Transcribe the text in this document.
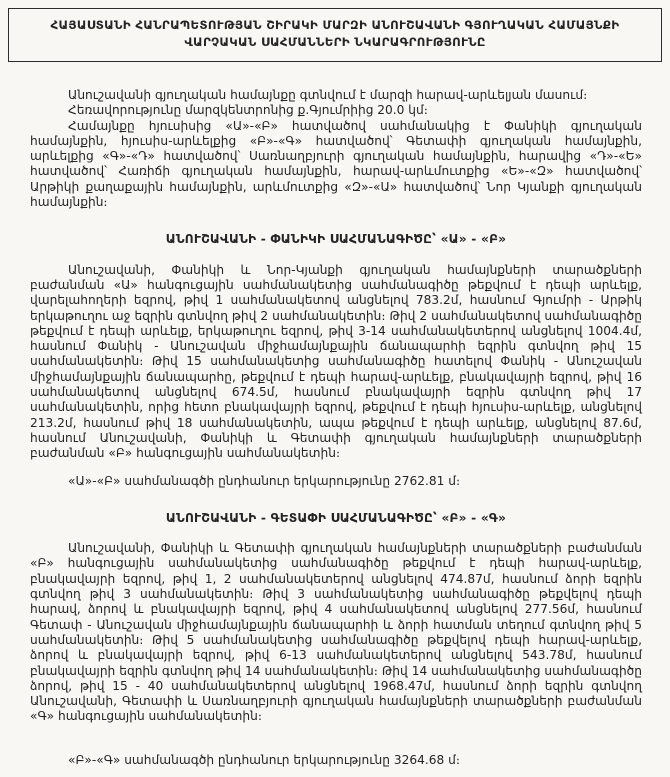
ՀԱՅԱՍՏԱՆԻ ՀԱՆՐԱՊԵՏՈՒԹՅԱՆ ՇԻՐԱԿԻ ՄԱՐԶԻ ԱՆՈՒՇԱՎԱՆԻ ԳՅՈՒՂԱԿԱՆ ՀԱՄԱՅՆՔԻ
ՎԱՐՉԱԿԱՆ ՍԱՀՄԱՆՆԵՐԻ ՆԿԱՐԱԳՐՈՒԹՅՈՒՆԸ

Անուշավանի գյուղական համայնքը գտնվում է մարզի հարավ-արևելյան մասում։

Հեռավորությունը մարզկենտրոնից ք.Գյումրիից 20.0 կմ։

Համայնքը հյուսիսից «Ա»-«Բ» հատվածով սահմանակից է Փանիկի գյուղական համայնքին, հյուսիս-արևելքից «Բ»-«Գ» հատվածով՝ Գետափի գյուղական համայնքին, արևելքից «Գ»-«Դ» հատվածով՝ Սառնաղբյուրի գյուղական համայնքին, հարավից «Դ»-«Ե» հատվածով՝ Հառիճի գյուղական համայնքին, հարավ-արևմուտքից «Ե»-«Զ» հատվածով՝ Արթիկի քաղաքային համայնքին, արևմուտքից «Զ»-«Ա» հատվածով՝ Նոր Կյանքի գյուղական համայնքին։

ԱՆՈՒՇԱՎԱՆԻ - ՓԱՆԻԿԻ ՍԱՀՄԱՆԱԳԻԾԸ՝ «Ա» - «Բ»

Անուշավանի, Փանիկի և Նոր-Կյանքի գյուղական համայնքների տարածքների բաժանման «Ա» հանգուցային սահմանակետից սահմանագիծը թեքվում է դեպի արևելք, վարելահողերի եզրով, թիվ 1 սահմանակետով անցնելով 783.2մ, հասնում Գյումրի - Արթիկ երկաթուղու աջ եզրին գտնվող թիվ 2 սահմանակետին։ Թիվ 2 սահմանակետով սահմանագիծը թեքվում է դեպի արևելք, երկաթուղու եզրով, թիվ 3-14 սահմանակետերով անցնելով 1004.4մ, հասնում Փանիկ - Անուշավան միջհամայնքային ճանապարհի եզրին գտնվող թիվ 15 սահմանակետին։ Թիվ 15 սահմանակետից սահմանագիծը հատելով Փանիկ - Անուշավան միջհամայնքային ճանապարհը, թեքվում է դեպի հարավ-արևելք, բնակավայրի եզրով, թիվ 16 սահմանակետով անցնելով 674.5մ, հասնում բնակավայրի եզրին գտնվող թիվ 17 սահմանակետին, որից հետո բնակավայրի եզրով, թեքվում է դեպի հյուսիս-արևելք, անցնելով 213.2մ, հասնում թիվ 18 սահմանակետին, ապա թեքվում է դեպի արևելք, անցնելով 87.6մ, հասնում Անուշավանի, Փանիկի և Գետափի գյուղական համայնքների տարածքների բաժանման «Բ» հանգուցային սահմանակետին։

«Ա»-«Բ» սահմանագծի ընդհանուր երկարությունը 2762.81 մ։

ԱՆՈՒՇԱՎԱՆԻ - ԳԵՏԱՓԻ ՍԱՀՄԱՆԱԳԻԾԸ՝ «Բ» - «Գ»

Անուշավանի, Փանիկի և Գետափի գյուղական համայնքների տարածքների բաժանման «Բ» հանգուցային սահմանակետից սահմանագիծը թեքվում է դեպի հարավ-արևելք, բնակավայրի եզրով, թիվ 1, 2 սահմանակետերով անցնելով 474.87մ, հասնում ձորի եզրին գտնվող թիվ 3 սահմանակետին։ Թիվ 3 սահմանակետից սահմանագիծը թեքվելով դեպի հարավ, ձորով և բնակավայրի եզրով, թիվ 4 սահմանակետով անցնելով 277.56մ, հասնում Գետափ - Անուշավան միջհամայնքային ճանապարհի և ձորի հատման տեղում գտնվող թիվ 5 սահմանակետին։ Թիվ 5 սահմանակետից սահմանագիծը թեքվելով դեպի հարավ-արևելք, ձորով և բնակավայրի եզրով, թիվ 6-13 սահմանակետերով անցնելով 543.78մ, հասնում բնակավայրի եզրին գտնվող թիվ 14 սահմանակետին։ Թիվ 14 սահմանակետից սահմանագիծը ձորով, թիվ 15 - 40 սահմանակետերով անցնելով 1968.47մ, հասնում ձորի եզրին գտնվող Անուշավանի, Գետափի և Սառնաղբյուրի գյուղական համայնքների տարածքների բաժանման «Գ» հանգուցային սահմանակետին։

«Բ»-«Գ» սահմանագծի ընդհանուր երկարությունը 3264.68 մ։
